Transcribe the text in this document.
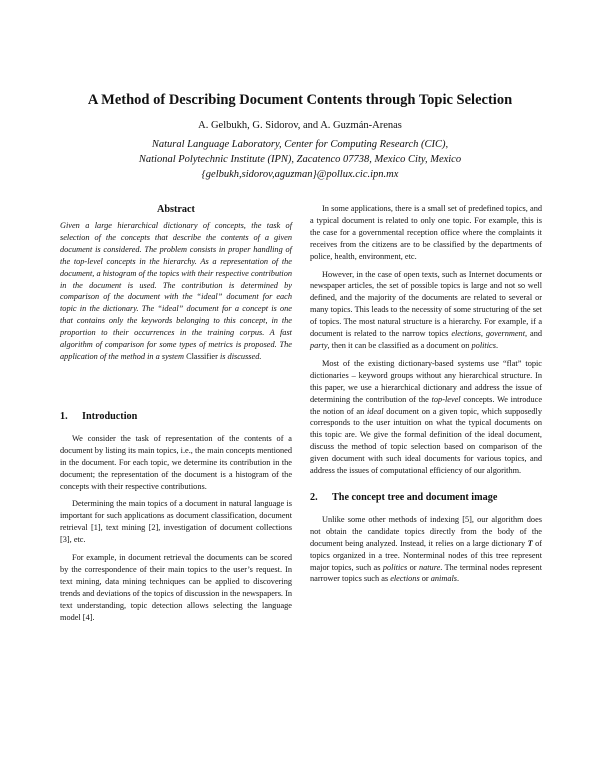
A Method of Describing Document Contents through Topic Selection
A. Gelbukh, G. Sidorov, and A. Guzmán-Arenas
Natural Language Laboratory, Center for Computing Research (CIC),
National Polytechnic Institute (IPN), Zacatenco 07738, Mexico City, Mexico
{gelbukh,sidorov,aguzman}@pollux.cic.ipn.mx
Abstract

Given a large hierarchical dictionary of concepts, the task of selection of the concepts that describe the contents of a given document is considered. The problem consists in proper handling of the top-level concepts in the hierarchy. As a representation of the document, a histogram of the topics with their respective contribution in the document is used. The contribution is determined by comparison of the document with the “ideal” document for each topic in the dictionary. The “ideal” document for a concept is one that contains only the keywords belonging to this concept, in the proportion to their occurrences in the training corpus. A fast algorithm of comparison for some types of metrics is proposed. The application of the method in a system Classifier is discussed.

1.	Introduction

We consider the task of representation of the contents of a document by listing its main topics, i.e., the main concepts mentioned in the document. For each topic, we determine its contribution in the document; the representation of the document is a histogram of the concepts with their respective contributions.

Determining the main topics of a document in natural language is important for such applications as document classification, document retrieval [1], text mining [2], investigation of document collections [3], etc.

For example, in document retrieval the documents can be scored by the correspondence of their main topics to the user’s request. In text mining, data mining techniques can be applied to discovering trends and deviations of the topics of discussion in the newspapers. In text understanding, topic detection allows selecting the language model [4].

In some applications, there is a small set of predefined topics, and a typical document is related to only one topic. For example, this is the case for a governmental reception office where the complaints it receives from the citizens are to be classified by the departments of police, health, environment, etc.

However, in the case of open texts, such as Internet documents or newspaper articles, the set of possible topics is large and not so well defined, and the majority of the documents are related to several or many topics. This leads to the necessity of some structuring of the set of topics. The most natural structure is a hierarchy. For example, if a document is related to the narrow topics elections, government, and party, then it can be classified as a document on politics.

Most of the existing dictionary-based systems use “flat” topic dictionaries – keyword groups without any hierarchical structure. In this paper, we use a hierarchical dictionary and address the issue of determining the contribution of the top-level concepts. We introduce the notion of an ideal document on a given topic, which supposedly corresponds to the user intuition on what the typical documents on this topic are. We give the formal definition of the ideal document, discuss the method of topic selection based on comparison of the given document with such ideal documents for various topics, and address the issues of computational efficiency of our algorithm.

2.	The concept tree and document image

Unlike some other methods of indexing [5], our algorithm does not obtain the candidate topics directly from the body of the document being analyzed. Instead, it relies on a large dictionary T of topics organized in a tree. Nonterminal nodes of this tree represent major topics, such as politics or nature. The terminal nodes represent narrower topics such as elections or animals.
